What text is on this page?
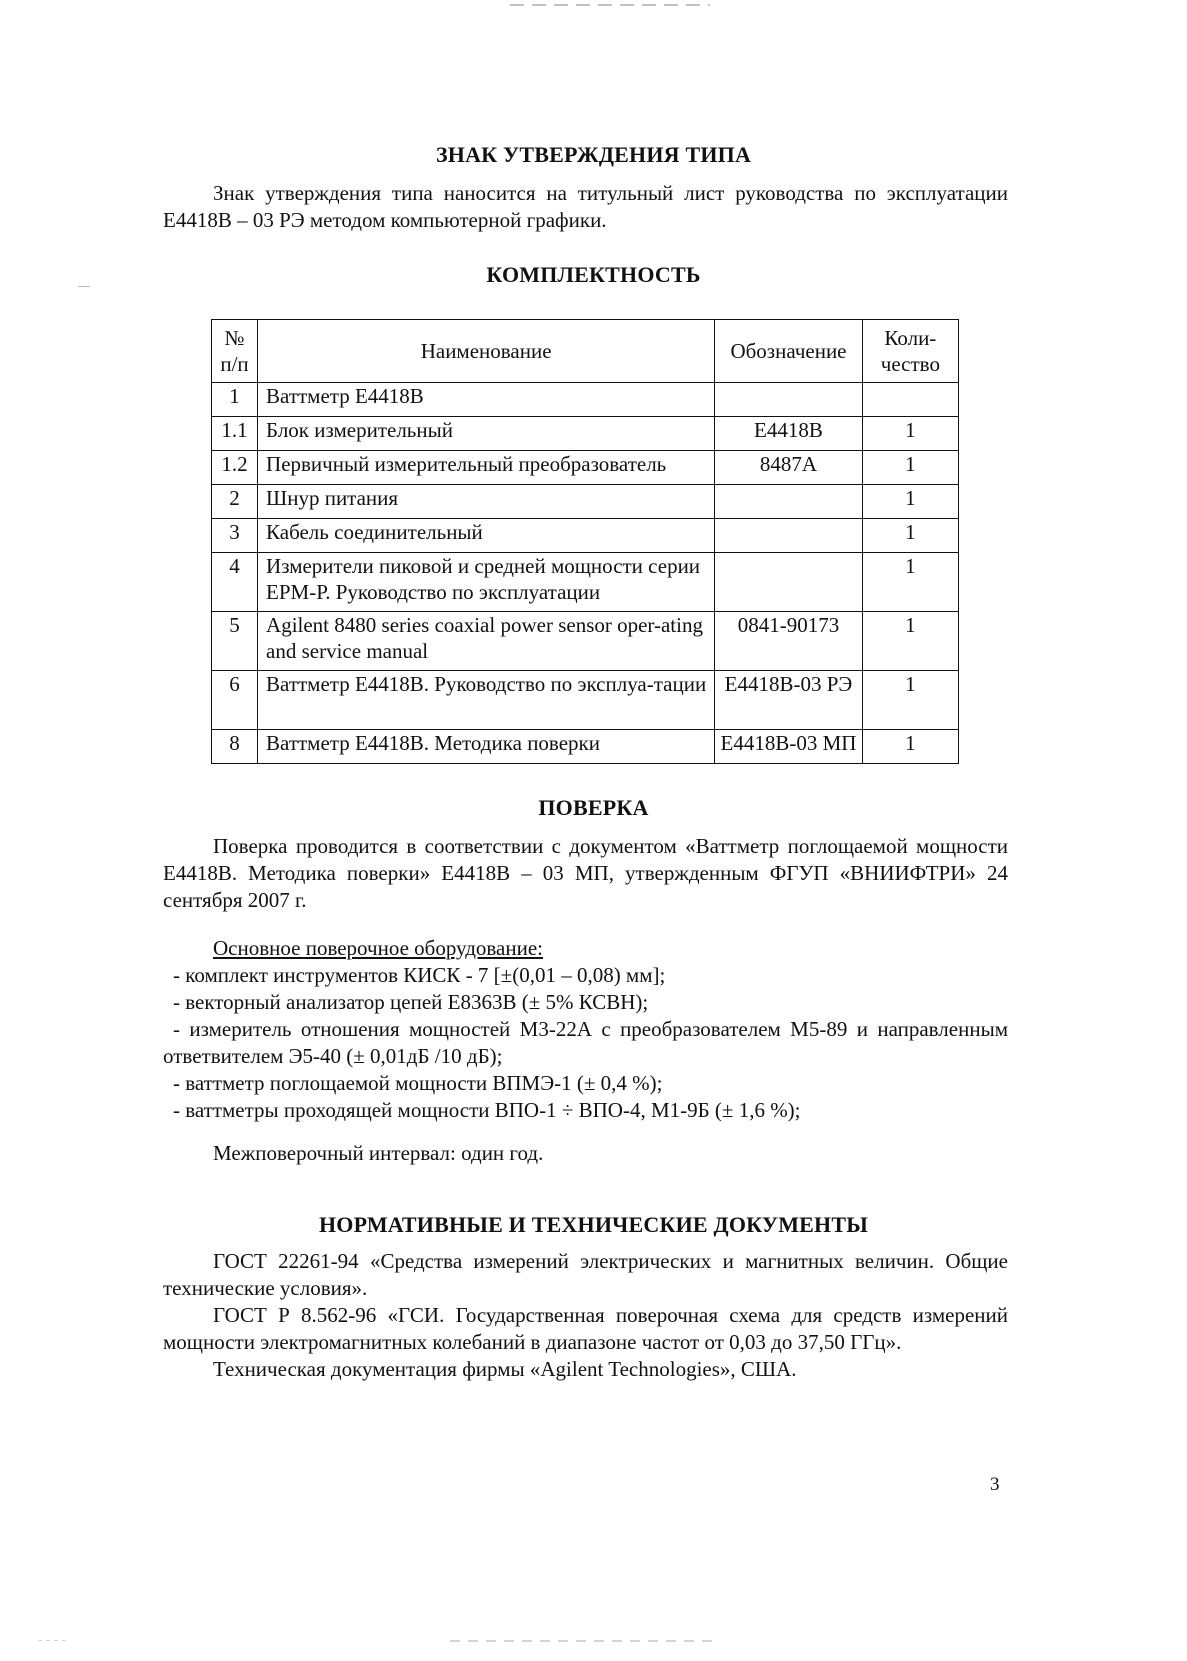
ЗНАК УТВЕРЖДЕНИЯ ТИПА
Знак утверждения типа наносится на титульный лист руководства по эксплуатации Е4418В – 03 РЭ методом компьютерной графики.
КОМПЛЕКТНОСТЬ
№ п/п	Наименование	Обозначение	Коли-чество
1	Ваттметр Е4418В		
1.1	Блок измерительный	Е4418В	1
1.2	Первичный измерительный преобразователь	8487А	1
2	Шнур питания		1
3	Кабель соединительный		1
4	Измерители пиковой и средней мощности серии ЕРМ-Р. Руководство по эксплуатации		1
5	Agilent 8480 series coaxial power sensor oper-ating and service manual	0841-90173	1
6	Ваттметр Е4418В. Руководство по эксплуа-тации	Е4418В-03 РЭ	1
8	Ваттметр Е4418В. Методика поверки	Е4418В-03 МП	1
ПОВЕРКА
Поверка проводится в соответствии с документом «Ваттметр поглощаемой мощности Е4418В. Методика поверки» Е4418В – 03 МП, утвержденным ФГУП «ВНИИФТРИ» 24 сентября 2007 г.
Основное поверочное оборудование:
- комплект инструментов КИСК - 7 [±(0,01 – 0,08) мм];
- векторный анализатор цепей Е8363В (± 5% КСВН);
- измеритель отношения мощностей М3-22А с преобразователем М5-89 и направленным ответвителем Э5-40 (± 0,01дБ /10 дБ);
- ваттметр поглощаемой мощности ВПМЭ-1 (± 0,4 %);
- ваттметры проходящей мощности ВПО-1 ÷ ВПО-4, М1-9Б (± 1,6 %);
Межповерочный интервал: один год.
НОРМАТИВНЫЕ И ТЕХНИЧЕСКИЕ ДОКУМЕНТЫ
ГОСТ 22261-94 «Средства измерений электрических и магнитных величин. Общие технические условия».
ГОСТ Р 8.562-96 «ГСИ. Государственная поверочная схема для средств измерений мощности электромагнитных колебаний в диапазоне частот от 0,03 до 37,50 ГГц».
Техническая документация фирмы «Agilent Technologies», США.
3
